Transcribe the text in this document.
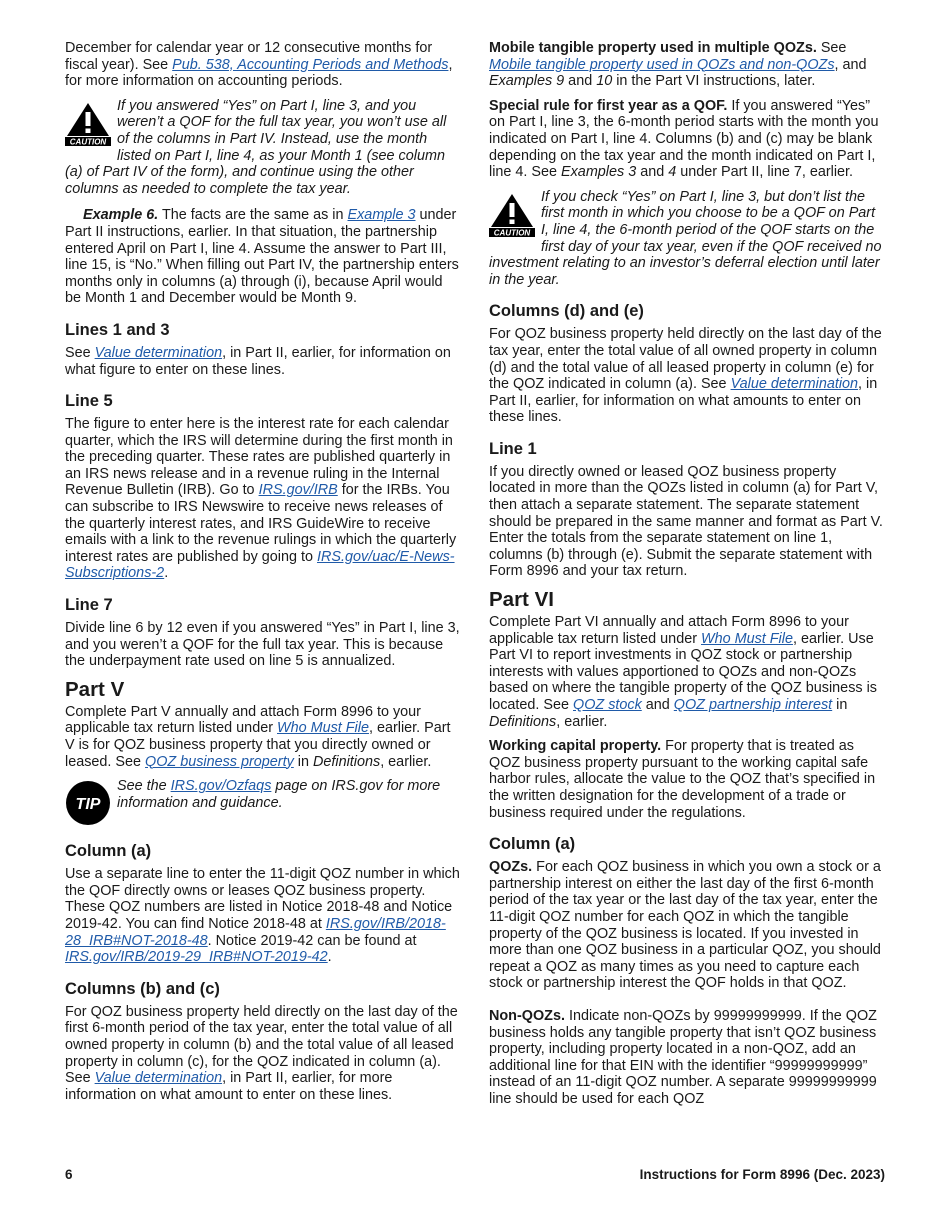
December for calendar year or 12 consecutive months for fiscal year). See Pub. 538, Accounting Periods and Methods, for more information on accounting periods.

CAUTION
If you answered “Yes” on Part I, line 3, and you weren’t a QOF for the full tax year, you won’t use all of the columns in Part IV. Instead, use the month listed on Part I, line 4, as your Month 1 (see column (a) of Part IV of the form), and continue using the other columns as needed to complete the tax year.

Example 6. The facts are the same as in Example 3 under Part II instructions, earlier. In that situation, the partnership entered April on Part I, line 4. Assume the answer to Part III, line 15, is “No.” When filling out Part IV, the partnership enters months only in columns (a) through (i), because April would be Month 1 and December would be Month 9.

Lines 1 and 3

See Value determination, in Part II, earlier, for information on what figure to enter on these lines.

Line 5

The figure to enter here is the interest rate for each calendar quarter, which the IRS will determine during the first month in the preceding quarter. These rates are published quarterly in an IRS news release and in a revenue ruling in the Internal Revenue Bulletin (IRB). Go to IRS.gov/IRB for the IRBs. You can subscribe to IRS Newswire to receive news releases of the quarterly interest rates, and IRS GuideWire to receive emails with a link to the revenue rulings in which the quarterly interest rates are published by going to IRS.gov/uac/E-News-Subscriptions-2.

Line 7

Divide line 6 by 12 even if you answered “Yes” in Part I, line 3, and you weren’t a QOF for the full tax year. This is because the underpayment rate used on line 5 is annualized.

Part V

Complete Part V annually and attach Form 8996 to your applicable tax return listed under Who Must File, earlier. Part V is for QOZ business property that you directly owned or leased. See QOZ business property in Definitions, earlier.

TIP
See the IRS.gov/Ozfaqs page on IRS.gov for more information and guidance.
Column (a)

Use a separate line to enter the 11-digit QOZ number in which the QOF directly owns or leases QOZ business property. These QOZ numbers are listed in Notice 2018-48 and Notice 2019-42. You can find Notice 2018-48 at IRS.gov/IRB/2018-28_IRB#NOT-2018-48. Notice 2019-42 can be found at IRS.gov/IRB/2019-29_IRB#NOT-2019-42.

Columns (b) and (c)

For QOZ business property held directly on the last day of the first 6-month period of the tax year, enter the total value of all owned property in column (b) and the total value of all leased property in column (c), for the QOZ indicated in column (a). See Value determination, in Part II, earlier, for more information on what amount to enter on these lines.

Mobile tangible property used in multiple QOZs. See Mobile tangible property used in QOZs and non-QOZs, and Examples 9 and 10 in the Part VI instructions, later.

Special rule for first year as a QOF. If you answered “Yes” on Part I, line 3, the 6-month period starts with the month you indicated on Part I, line 4. Columns (b) and (c) may be blank depending on the tax year and the month indicated on Part I, line 4. See Examples 3 and 4 under Part II, line 7, earlier.

CAUTION
If you check “Yes” on Part I, line 3, but don’t list the first month in which you choose to be a QOF on Part I, line 4, the 6-month period of the QOF starts on the first day of your tax year, even if the QOF received no investment relating to an investor’s deferral election until later in the year.
Columns (d) and (e)

For QOZ business property held directly on the last day of the tax year, enter the total value of all owned property in column (d) and the total value of all leased property in column (e) for the QOZ indicated in column (a). See Value determination, in Part II, earlier, for information on what amounts to enter on these lines.

Line 1

If you directly owned or leased QOZ business property located in more than the QOZs listed in column (a) for Part V, then attach a separate statement. The separate statement should be prepared in the same manner and format as Part V. Enter the totals from the separate statement on line 1, columns (b) through (e). Submit the separate statement with Form 8996 and your tax return.

Part VI

Complete Part VI annually and attach Form 8996 to your applicable tax return listed under Who Must File, earlier. Use Part VI to report investments in QOZ stock or partnership interests with values apportioned to QOZs and non-QOZs based on where the tangible property of the QOZ business is located. See QOZ stock and QOZ partnership interest in Definitions, earlier.

Working capital property. For property that is treated as QOZ business property pursuant to the working capital safe harbor rules, allocate the value to the QOZ that’s specified in the written designation for the development of a trade or business required under the regulations.

Column (a)

QOZs. For each QOZ business in which you own a stock or a partnership interest on either the last day of the first 6-month period of the tax year or the last day of the tax year, enter the 11-digit QOZ number for each QOZ in which the tangible property of the QOZ business is located. If you invested in more than one QOZ business in a particular QOZ, you should repeat a QOZ as many times as you need to capture each stock or partnership interest the QOF holds in that QOZ.

Non-QOZs. Indicate non-QOZs by 99999999999. If the QOZ business holds any tangible property that isn’t QOZ business property, including property located in a non-QOZ, add an additional line for that EIN with the identifier “99999999999” instead of an 11-digit QOZ number. A separate 99999999999 line should be used for each QOZ

6	Instructions for Form 8996 (Dec. 2023)
